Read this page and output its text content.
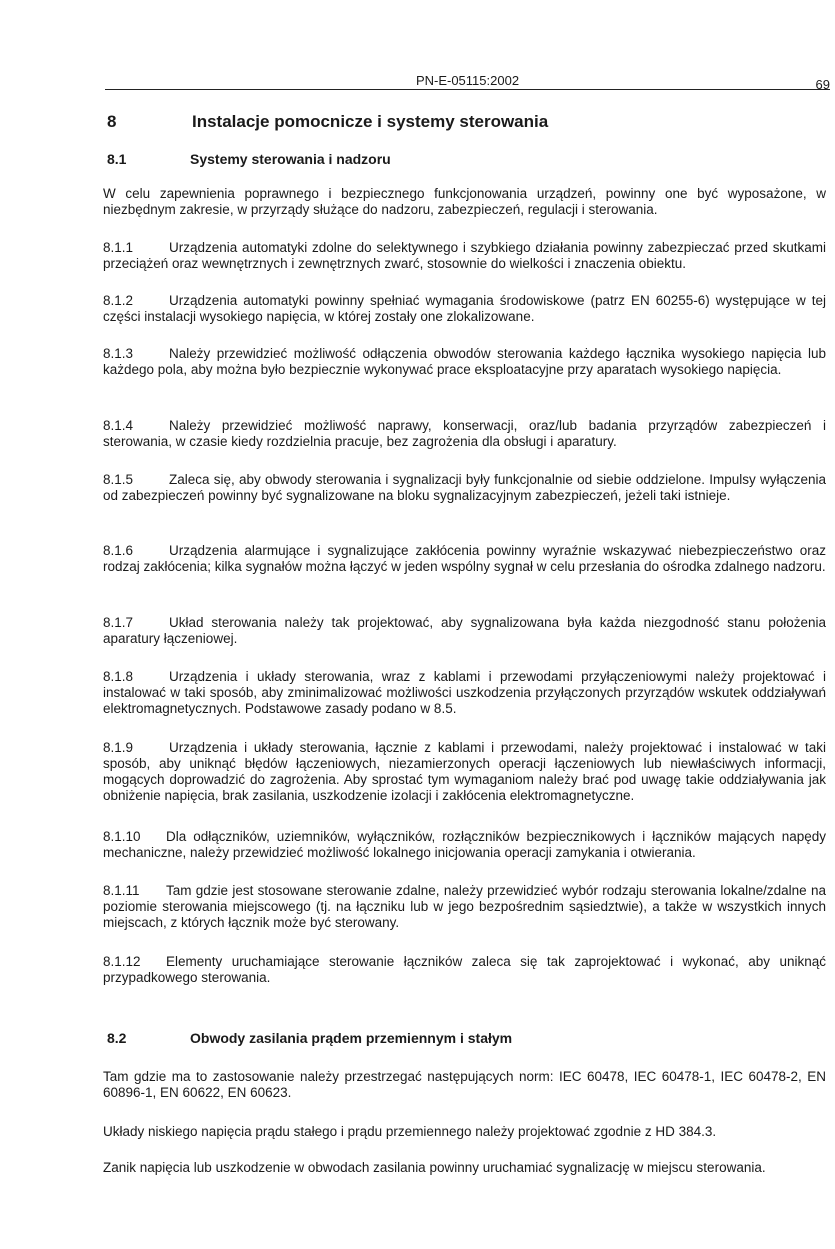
PN-E-05115:2002	69
8	Instalacje pomocnicze i systemy sterowania
8.1	Systemy sterowania i nadzoru

W celu zapewnienia poprawnego i bezpiecznego funkcjonowania urządzeń, powinny one być wyposażone, w niezbędnym zakresie, w przyrządy służące do nadzoru, zabezpieczeń, regulacji i sterowania.

8.1.1	Urządzenia automatyki zdolne do selektywnego i szybkiego działania powinny zabezpieczać przed skutkami przeciążeń oraz wewnętrznych i zewnętrznych zwarć, stosownie do wielkości i znaczenia obiektu.

8.1.2	Urządzenia automatyki powinny spełniać wymagania środowiskowe (patrz EN 60255-6) występujące w tej części instalacji wysokiego napięcia, w której zostały one zlokalizowane.

8.1.3	Należy przewidzieć możliwość odłączenia obwodów sterowania każdego łącznika wysokiego napięcia lub każdego pola, aby można było bezpiecznie wykonywać prace eksploatacyjne przy aparatach wysokiego napięcia.

8.1.4	Należy przewidzieć możliwość naprawy, konserwacji, oraz/lub badania przyrządów zabezpieczeń i sterowania, w czasie kiedy rozdzielnia pracuje, bez zagrożenia dla obsługi i aparatury.

8.1.5	Zaleca się, aby obwody sterowania i sygnalizacji były funkcjonalnie od siebie oddzielone. Impulsy wyłączenia od zabezpieczeń powinny być sygnalizowane na bloku sygnalizacyjnym zabezpieczeń, jeżeli taki istnieje.

8.1.6	Urządzenia alarmujące i sygnalizujące zakłócenia powinny wyraźnie wskazywać niebezpieczeństwo oraz rodzaj zakłócenia; kilka sygnałów można łączyć w jeden wspólny sygnał w celu przesłania do ośrodka zdalnego nadzoru.

8.1.7	Układ sterowania należy tak projektować, aby sygnalizowana była każda niezgodność stanu położenia aparatury łączeniowej.

8.1.8	Urządzenia i układy sterowania, wraz z kablami i przewodami przyłączeniowymi należy projektować i instalować w taki sposób, aby zminimalizować możliwości uszkodzenia przyłączonych przyrządów wskutek oddziaływań elektromagnetycznych. Podstawowe zasady podano w 8.5.

8.1.9	Urządzenia i układy sterowania, łącznie z kablami i przewodami, należy projektować i instalować w taki sposób, aby uniknąć błędów łączeniowych, niezamierzonych operacji łączeniowych lub niewłaściwych informacji, mogących doprowadzić do zagrożenia. Aby sprostać tym wymaganiom należy brać pod uwagę takie oddziaływania jak obniżenie napięcia, brak zasilania, uszkodzenie izolacji i zakłócenia elektromagnetyczne.

8.1.10 Dla odłączników, uziemników, wyłączników, rozłączników bezpiecznikowych i łączników mających napędy mechaniczne, należy przewidzieć możliwość lokalnego inicjowania operacji zamykania i otwierania.

8.1.11 Tam gdzie jest stosowane sterowanie zdalne, należy przewidzieć wybór rodzaju sterowania lokalne/zdalne na poziomie sterowania miejscowego (tj. na łączniku lub w jego bezpośrednim sąsiedztwie), a także w wszystkich innych miejscach, z których łącznik może być sterowany.

8.1.12 Elementy uruchamiające sterowanie łączników zaleca się tak zaprojektować i wykonać, aby uniknąć przypadkowego sterowania.

8.2	Obwody zasilania prądem przemiennym i stałym

Tam gdzie ma to zastosowanie należy przestrzegać następujących norm: IEC 60478, IEC 60478-1, IEC 60478-2, EN 60896-1, EN 60622, EN 60623.

Układy niskiego napięcia prądu stałego i prądu przemiennego należy projektować zgodnie z HD 384.3.

Zanik napięcia lub uszkodzenie w obwodach zasilania powinny uruchamiać sygnalizację w miejscu sterowania.
